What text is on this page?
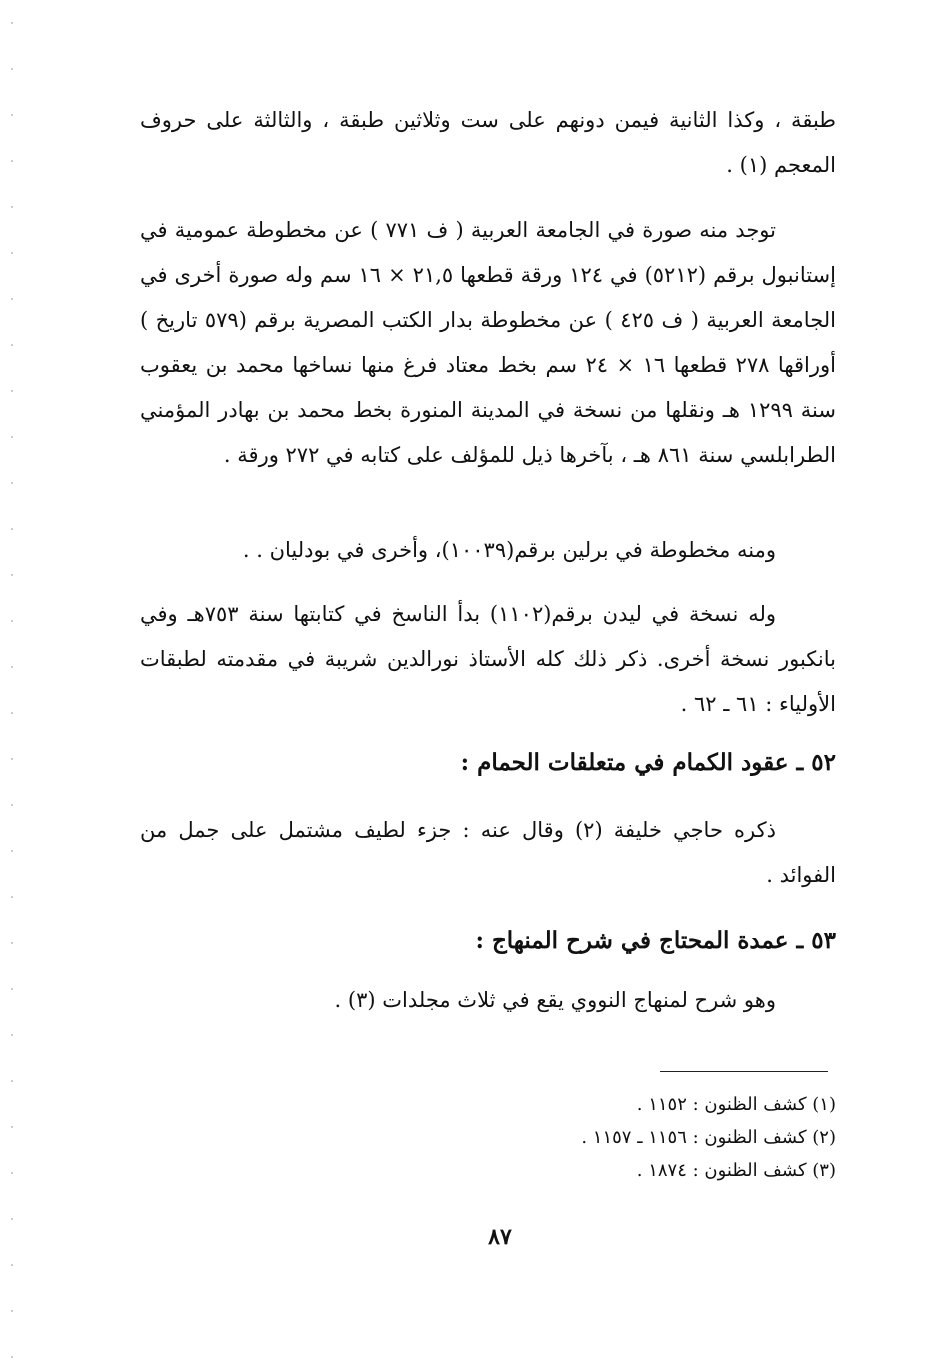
طبقة ، وكذا الثانية فيمن دونهم على ست وثلاثين طبقة ، والثالثة على حروف المعجم (١) .
توجد منه صورة في الجامعة العربية ( ف ٧٧١ ) عن مخطوطة عمومية في إستانبول برقم (٥٢١٢) في ١٢٤ ورقة قطعها ٢١,٥ × ١٦ سم وله صورة أخرى في الجامعة العربية ( ف ٤٢٥ ) عن مخطوطة بدار الكتب المصرية برقم (٥٧٩ تاريخ ) أوراقها ٢٧٨ قطعها ١٦ × ٢٤ سم بخط معتاد فرغ منها نساخها محمد بن يعقوب سنة ١٢٩٩ هـ ونقلها من نسخة في المدينة المنورة بخط محمد بن بهادر المؤمني الطرابلسي سنة ٨٦١ هـ ، بآخرها ذيل للمؤلف على كتابه في ٢٧٢ ورقة .
ومنه مخطوطة في برلين برقم(١٠٠٣٩)، وأخرى في بودليان . .
وله نسخة في ليدن برقم(١١٠٢) بدأ الناسخ في كتابتها سنة ٧٥٣هـ وفي بانكبور نسخة أخرى. ذكر ذلك كله الأستاذ نورالدين شريبة في مقدمته لطبقات الأولياء : ٦١ ـ ٦٢ .
٥٢ ـ عقود الكمام في متعلقات الحمام :
ذكره حاجي خليفة (٢) وقال عنه : جزء لطيف مشتمل على جمل من الفوائد .
٥٣ ـ عمدة المحتاج في شرح المنهاج :
وهو شرح لمنهاج النووي يقع في ثلاث مجلدات (٣) .
(١) كشف الظنون : ١١٥٢ .
(٢) كشف الظنون : ١١٥٦ ـ ١١٥٧ .
(٣) كشف الظنون : ١٨٧٤ .
٨٧
